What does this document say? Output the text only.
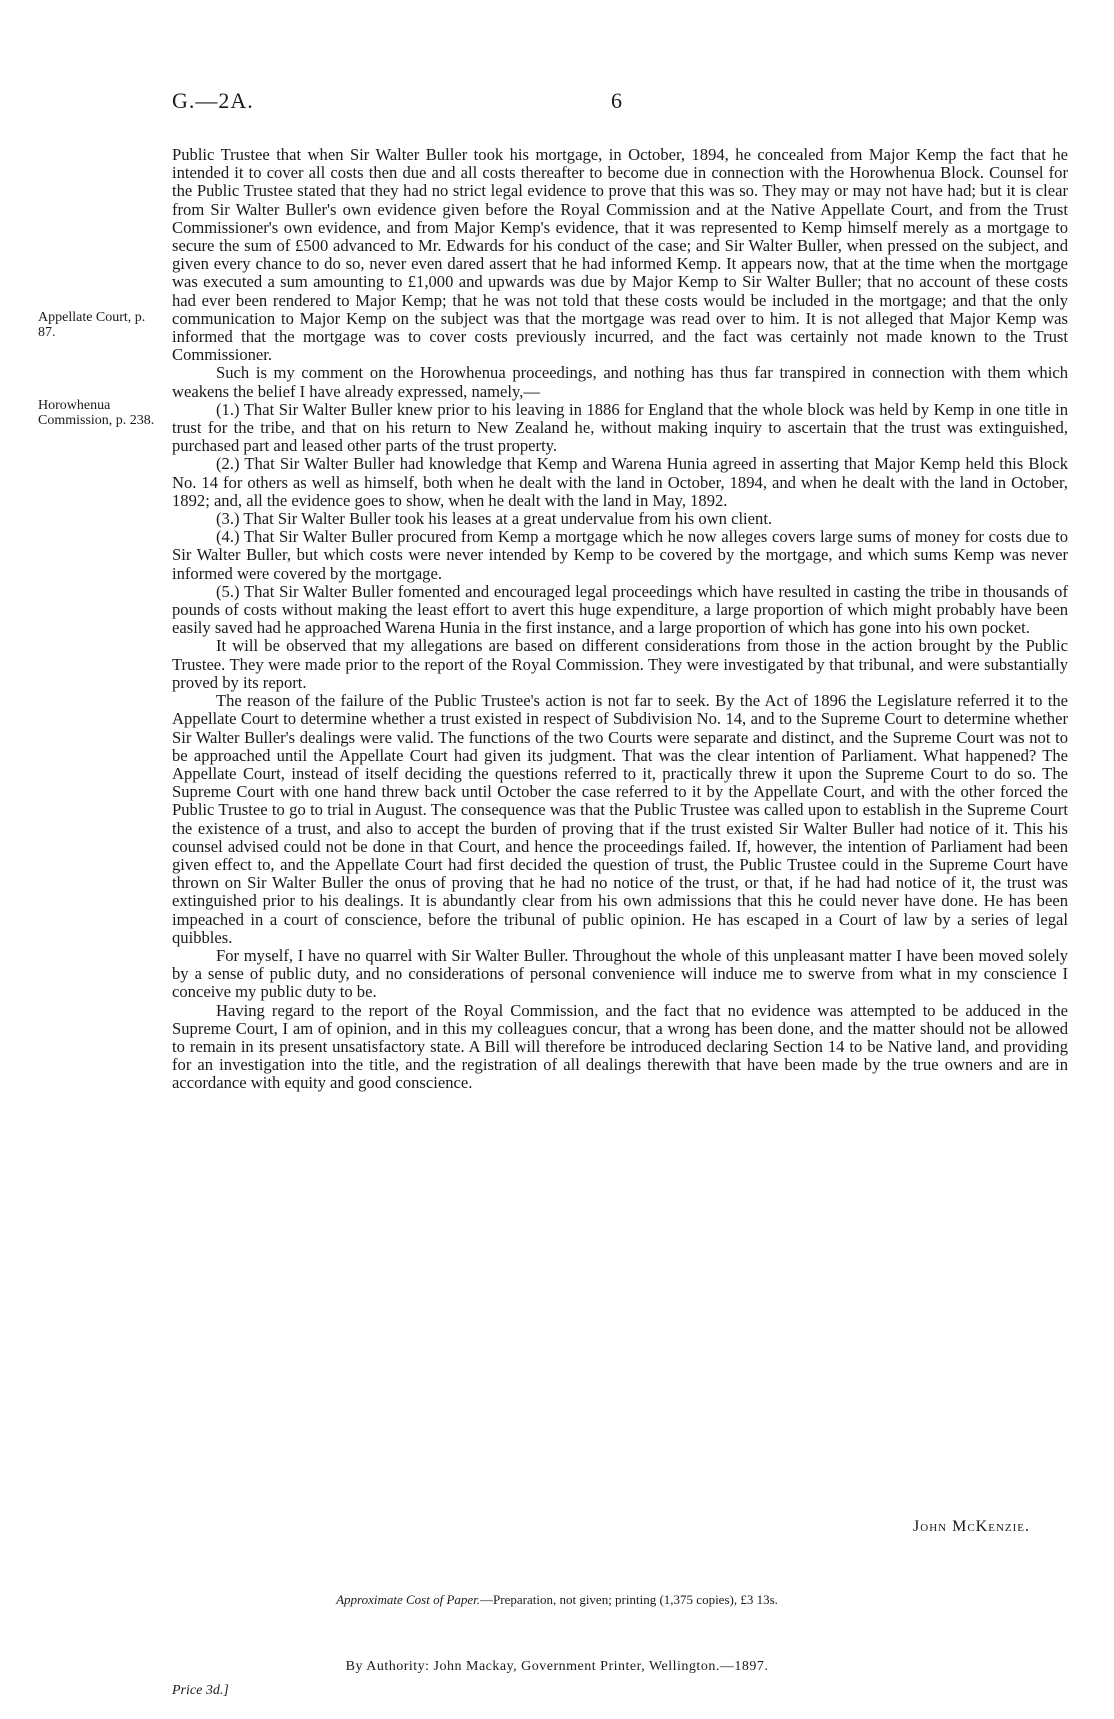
G.—2A.	6
Appellate Court, p. 87.
Horowhenua Commission, p. 238.

Public Trustee that when Sir Walter Buller took his mortgage, in October, 1894, he concealed from Major Kemp the fact that he intended it to cover all costs then due and all costs thereafter to become due in connection with the Horowhenua Block. Counsel for the Public Trustee stated that they had no strict legal evidence to prove that this was so. They may or may not have had; but it is clear from Sir Walter Buller's own evidence given before the Royal Commission and at the Native Appellate Court, and from the Trust Commissioner's own evidence, and from Major Kemp's evidence, that it was represented to Kemp himself merely as a mortgage to secure the sum of £500 advanced to Mr. Edwards for his conduct of the case; and Sir Walter Buller, when pressed on the subject, and given every chance to do so, never even dared assert that he had informed Kemp. It appears now, that at the time when the mortgage was executed a sum amounting to £1,000 and upwards was due by Major Kemp to Sir Walter Buller; that no account of these costs had ever been rendered to Major Kemp; that he was not told that these costs would be included in the mortgage; and that the only communication to Major Kemp on the subject was that the mortgage was read over to him. It is not alleged that Major Kemp was informed that the mortgage was to cover costs previously incurred, and the fact was certainly not made known to the Trust Commissioner.

Such is my comment on the Horowhenua proceedings, and nothing has thus far transpired in connection with them which weakens the belief I have already expressed, namely,—

(1.) That Sir Walter Buller knew prior to his leaving in 1886 for England that the whole block was held by Kemp in one title in trust for the tribe, and that on his return to New Zealand he, without making inquiry to ascertain that the trust was extinguished, purchased part and leased other parts of the trust property.

(2.) That Sir Walter Buller had knowledge that Kemp and Warena Hunia agreed in asserting that Major Kemp held this Block No. 14 for others as well as himself, both when he dealt with the land in October, 1894, and when he dealt with the land in October, 1892; and, all the evidence goes to show, when he dealt with the land in May, 1892.

(3.) That Sir Walter Buller took his leases at a great undervalue from his own client.

(4.) That Sir Walter Buller procured from Kemp a mortgage which he now alleges covers large sums of money for costs due to Sir Walter Buller, but which costs were never intended by Kemp to be covered by the mortgage, and which sums Kemp was never informed were covered by the mortgage.

(5.) That Sir Walter Buller fomented and encouraged legal proceedings which have resulted in casting the tribe in thousands of pounds of costs without making the least effort to avert this huge expenditure, a large proportion of which might probably have been easily saved had he approached Warena Hunia in the first instance, and a large proportion of which has gone into his own pocket.

It will be observed that my allegations are based on different considerations from those in the action brought by the Public Trustee. They were made prior to the report of the Royal Commission. They were investigated by that tribunal, and were substantially proved by its report.

The reason of the failure of the Public Trustee's action is not far to seek. By the Act of 1896 the Legislature referred it to the Appellate Court to determine whether a trust existed in respect of Subdivision No. 14, and to the Supreme Court to determine whether Sir Walter Buller's dealings were valid. The functions of the two Courts were separate and distinct, and the Supreme Court was not to be approached until the Appellate Court had given its judgment. That was the clear intention of Parliament. What happened? The Appellate Court, instead of itself deciding the questions referred to it, practically threw it upon the Supreme Court to do so. The Supreme Court with one hand threw back until October the case referred to it by the Appellate Court, and with the other forced the Public Trustee to go to trial in August. The consequence was that the Public Trustee was called upon to establish in the Supreme Court the existence of a trust, and also to accept the burden of proving that if the trust existed Sir Walter Buller had notice of it. This his counsel advised could not be done in that Court, and hence the proceedings failed. If, however, the intention of Parliament had been given effect to, and the Appellate Court had first decided the question of trust, the Public Trustee could in the Supreme Court have thrown on Sir Walter Buller the onus of proving that he had no notice of the trust, or that, if he had had notice of it, the trust was extinguished prior to his dealings. It is abundantly clear from his own admissions that this he could never have done. He has been impeached in a court of conscience, before the tribunal of public opinion. He has escaped in a Court of law by a series of legal quibbles.

For myself, I have no quarrel with Sir Walter Buller. Throughout the whole of this unpleasant matter I have been moved solely by a sense of public duty, and no considerations of personal convenience will induce me to swerve from what in my conscience I conceive my public duty to be.

Having regard to the report of the Royal Commission, and the fact that no evidence was attempted to be adduced in the Supreme Court, I am of opinion, and in this my colleagues concur, that a wrong has been done, and the matter should not be allowed to remain in its present unsatisfactory state. A Bill will therefore be introduced declaring Section 14 to be Native land, and providing for an investigation into the title, and the registration of all dealings therewith that have been made by the true owners and are in accordance with equity and good conscience.

John McKenzie.
Approximate Cost of Paper.—Preparation, not given; printing (1,375 copies), £3 13s.
By Authority: John Mackay, Government Printer, Wellington.—1897.
Price 3d.]
